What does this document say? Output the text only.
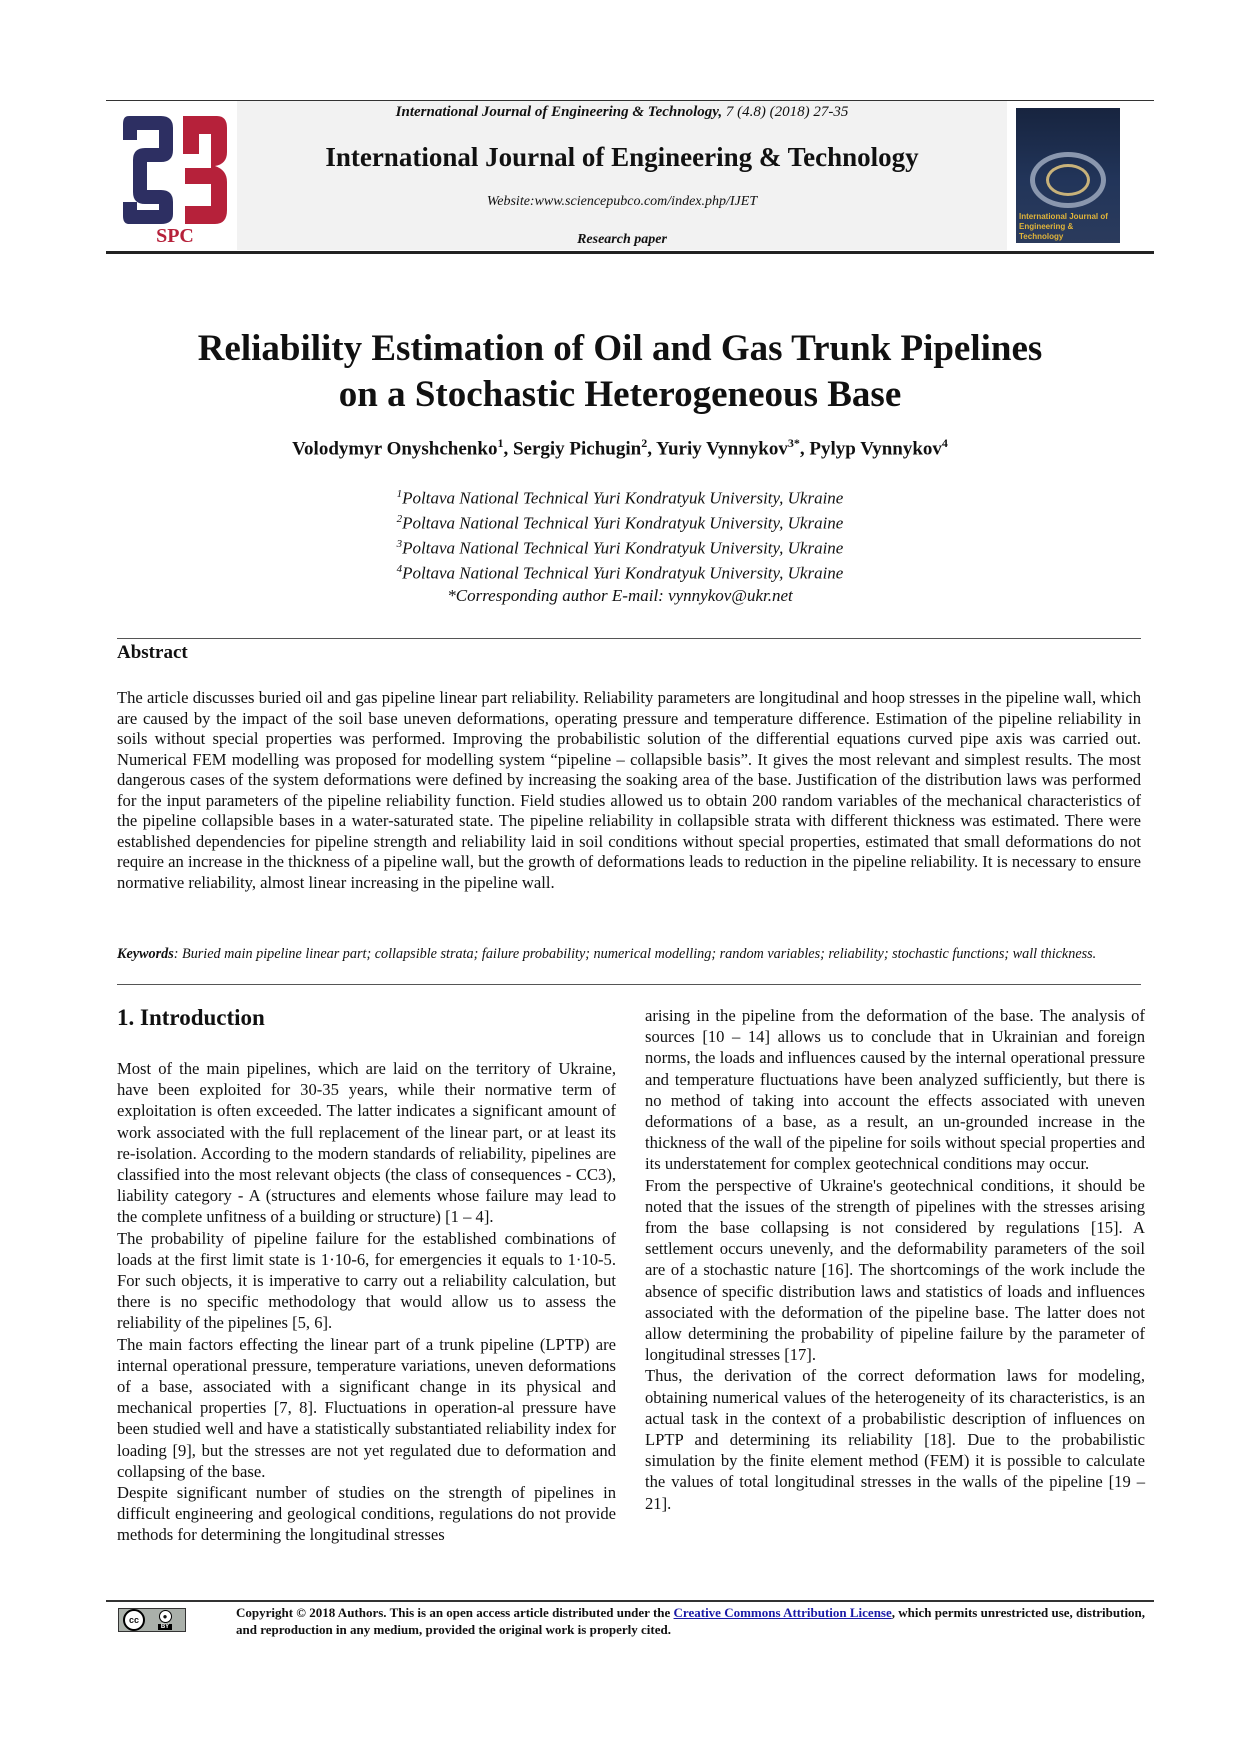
SPC
International Journal of Engineering & Technology
International Journal of Engineering & Technology, 7 (4.8) (2018) 27-35
International Journal of Engineering & Technology
Website:www.sciencepubco.com/index.php/IJET
Research paper
Reliability Estimation of Oil and Gas Trunk Pipelines
on a Stochastic Heterogeneous Base
Volodymyr Onyshchenko$^1$, Sergiy Pichugin$^2$, Yuriy Vynnykov$^{3*}$, Pylyp Vynnykov$^4$
$^1$Poltava National Technical Yuri Kondratyuk University, Ukraine
$^2$Poltava National Technical Yuri Kondratyuk University, Ukraine
$^3$Poltava National Technical Yuri Kondratyuk University, Ukraine
$^4$Poltava National Technical Yuri Kondratyuk University, Ukraine
*Corresponding author E-mail: vynnykov@ukr.net
Abstract
The article discusses buried oil and gas pipeline linear part reliability. Reliability parameters are longitudinal and hoop stresses in the pipeline wall, which are caused by the impact of the soil base uneven deformations, operating pressure and temperature difference. Estimation of the pipeline reliability in soils without special properties was performed. Improving the probabilistic solution of the differential equations curved pipe axis was carried out. Numerical FEM modelling was proposed for modelling system “pipeline – collapsible basis”. It gives the most relevant and simplest results. The most dangerous cases of the system deformations were defined by increasing the soaking area of the base. Justification of the distribution laws was performed for the input parameters of the pipeline reliability function. Field studies allowed us to obtain 200 random variables of the mechanical characteristics of the pipeline collapsible bases in a water-saturated state. The pipeline reliability in collapsible strata with different thickness was estimated. There were established dependencies for pipeline strength and reliability laid in soil conditions without special properties, estimated that small deformations do not require an increase in the thickness of a pipeline wall, but the growth of deformations leads to reduction in the pipeline reliability. It is necessary to ensure normative reliability, almost linear increasing in the pipeline wall.
Keywords: Buried main pipeline linear part; collapsible strata; failure probability; numerical modelling; random variables; reliability; stochastic functions; wall thickness.
1. Introduction

Most of the main pipelines, which are laid on the territory of Ukraine, have been exploited for 30-35 years, while their normative term of exploitation is often exceeded. The latter indicates a significant amount of work associated with the full replacement of the linear part, or at least its re-isolation. According to the modern standards of reliability, pipelines are classified into the most relevant objects (the class of consequences - CC3), liability category - A (structures and elements whose failure may lead to the complete unfitness of a building or structure) [1 – 4].

The probability of pipeline failure for the established combinations of loads at the first limit state is 1·10-6, for emergencies it equals to 1·10-5. For such objects, it is imperative to carry out a reliability calculation, but there is no specific methodology that would allow us to assess the reliability of the pipelines [5, 6].

The main factors effecting the linear part of a trunk pipeline (LPTP) are internal operational pressure, temperature variations, uneven deformations of a base, associated with a significant change in its physical and mechanical properties [7, 8]. Fluctuations in operation-al pressure have been studied well and have a statistically substantiated reliability index for loading [9], but the stresses are not yet regulated due to deformation and collapsing of the base.

Despite significant number of studies on the strength of pipelines in difficult engineering and geological conditions, regulations do not provide methods for determining the longitudinal stresses

arising in the pipeline from the deformation of the base. The analysis of sources [10 – 14] allows us to conclude that in Ukrainian and foreign norms, the loads and influences caused by the internal operational pressure and temperature fluctuations have been analyzed sufficiently, but there is no method of taking into account the effects associated with uneven deformations of a base, as a result, an un-grounded increase in the thickness of the wall of the pipeline for soils without special properties and its understatement for complex geotechnical conditions may occur.

From the perspective of Ukraine's geotechnical conditions, it should be noted that the issues of the strength of pipelines with the stresses arising from the base collapsing is not considered by regulations [15]. A settlement occurs unevenly, and the deformability parameters of the soil are of a stochastic nature [16]. The shortcomings of the work include the absence of specific distribution laws and statistics of loads and influences associated with the deformation of the pipeline base. The latter does not allow determining the probability of pipeline failure by the parameter of longitudinal stresses [17].

Thus, the derivation of the correct deformation laws for modeling, obtaining numerical values of the heterogeneity of its characteristics, is an actual task in the context of a probabilistic description of influences on LPTP and determining its reliability [18]. Due to the probabilistic simulation by the finite element method (FEM) it is possible to calculate the values of total longitudinal stresses in the walls of the pipeline [19 – 21].

cc	●
BY
Copyright © 2018 Authors. This is an open access article distributed under the Creative Commons Attribution License, which permits unrestricted use, distribution, and reproduction in any medium, provided the original work is properly cited.
